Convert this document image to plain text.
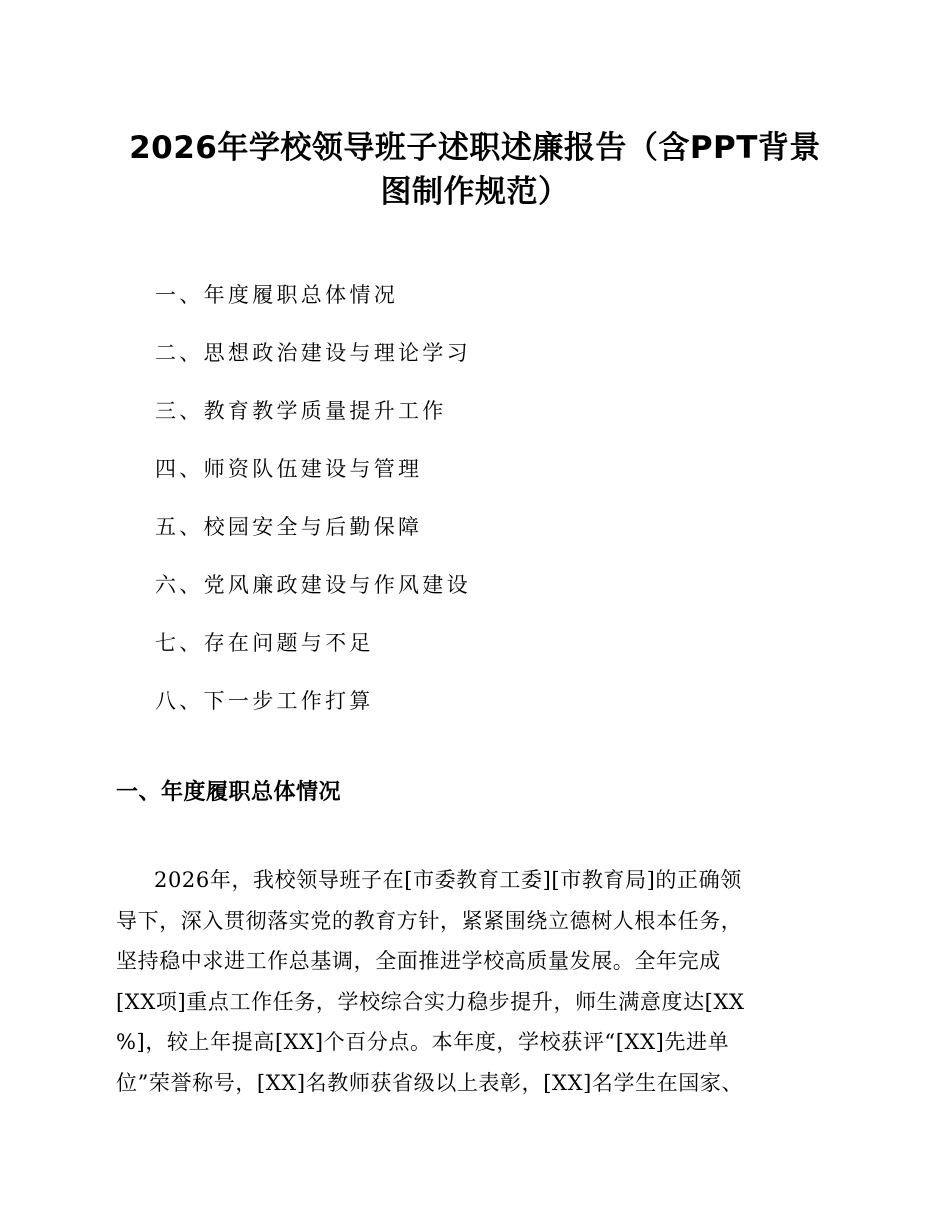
2026年学校领导班子述职述廉报告（含PPT背景
图制作规范）
一、年度履职总体情况
二、思想政治建设与理论学习
三、教育教学质量提升工作
四、师资队伍建设与管理
五、校园安全与后勤保障
六、党风廉政建设与作风建设
七、存在问题与不足
八、下一步工作打算
一、年度履职总体情况
2026年，我校领导班子在[市委教育工委][市教育局]的正确领
导下，深入贯彻落实党的教育方针，紧紧围绕立德树人根本任务，
坚持稳中求进工作总基调，全面推进学校高质量发展。全年完成
[XX项]重点工作任务，学校综合实力稳步提升，师生满意度达[XX
%]，较上年提高[XX]个百分点。本年度，学校获评“[XX]先进单
位”荣誉称号，[XX]名教师获省级以上表彰，[XX]名学生在国家、
